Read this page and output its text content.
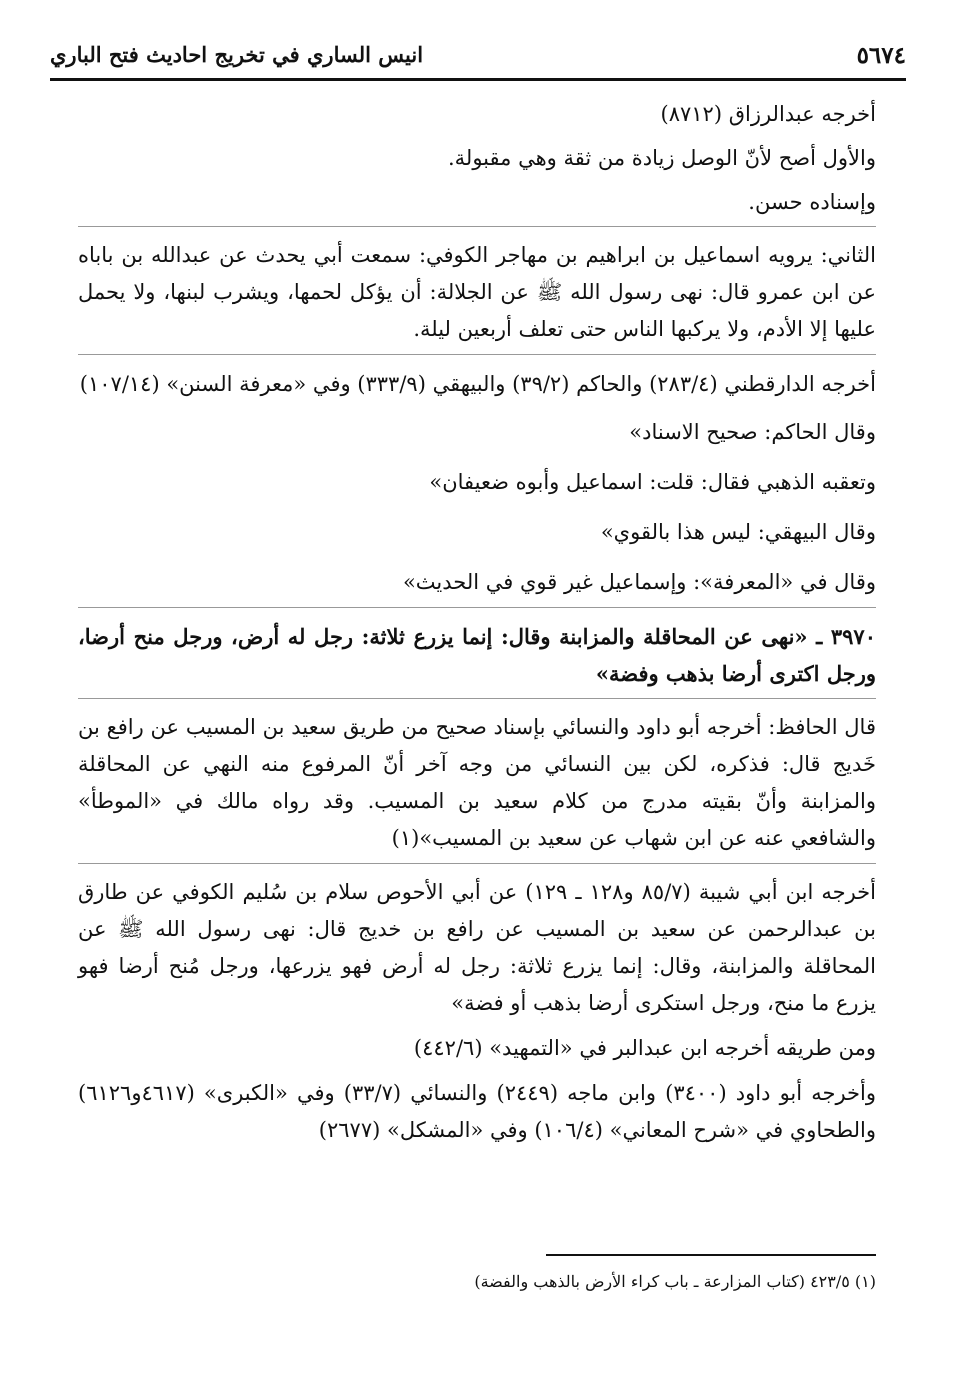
٥٦٧٤
انيس الساري في تخريج احاديث فتح الباري

أخرجه عبدالرزاق (٨٧١٢)

والأول أصح لأنّ الوصل زيادة من ثقة وهي مقبولة.

وإسناده حسن.

الثاني: يرويه اسماعيل بن ابراهيم بن مهاجر الكوفي: سمعت أبي يحدث عن عبدالله بن باباه عن ابن عمرو قال: نهى رسول الله ﷺ عن الجلالة: أن يؤكل لحمها، ويشرب لبنها، ولا يحمل عليها إلا الأدم، ولا يركبها الناس حتى تعلف أربعين ليلة.

أخرجه الدارقطني (٢٨٣/٤) والحاكم (٣٩/٢) والبيهقي (٣٣٣/٩) وفي «معرفة السنن» (١٠٧/١٤)

وقال الحاكم: صحيح الاسناد»

وتعقبه الذهبي فقال: قلت: اسماعيل وأبوه ضعيفان»

وقال البيهقي: ليس هذا بالقوي»

وقال في «المعرفة»: وإسماعيل غير قوي في الحديث»

٣٩٧٠ ـ «نهى عن المحاقلة والمزابنة وقال: إنما يزرع ثلاثة: رجل له أرض، ورجل منح أرضا، ورجل اكترى أرضا بذهب وفضة»

قال الحافظ: أخرجه أبو داود والنسائي بإسناد صحيح من طريق سعيد بن المسيب عن رافع بن خَديج قال: فذكره، لكن بين النسائي من وجه آخر أنّ المرفوع منه النهي عن المحاقلة والمزابنة وأنّ بقيته مدرج من كلام سعيد بن المسيب. وقد رواه مالك في «الموطأ» والشافعي عنه عن ابن شهاب عن سعيد بن المسيب»(١)

أخرجه ابن أبي شيبة (٨٥/٧ و١٢٨ ـ ١٢٩) عن أبي الأحوص سلام بن سُليم الكوفي عن طارق بن عبدالرحمن عن سعيد بن المسيب عن رافع بن خديج قال: نهى رسول الله ﷺ عن المحاقلة والمزابنة، وقال: إنما يزرع ثلاثة: رجل له أرض فهو يزرعها، ورجل مُنح أرضا فهو يزرع ما منح، ورجل استكرى أرضا بذهب أو فضة»

ومن طريقه أخرجه ابن عبدالبر في «التمهيد» (٤٤٢/٦)

وأخرجه أبو داود (٣٤٠٠) وابن ماجه (٢٤٤٩) والنسائي (٣٣/٧) وفي «الكبرى» (٤٦١٧و٦١٢٦) والطحاوي في «شرح المعاني» (١٠٦/٤) وفي «المشكل» (٢٦٧٧)

(١) ٤٢٣/٥ (كتاب المزارعة ـ باب كراء الأرض بالذهب والفضة)
